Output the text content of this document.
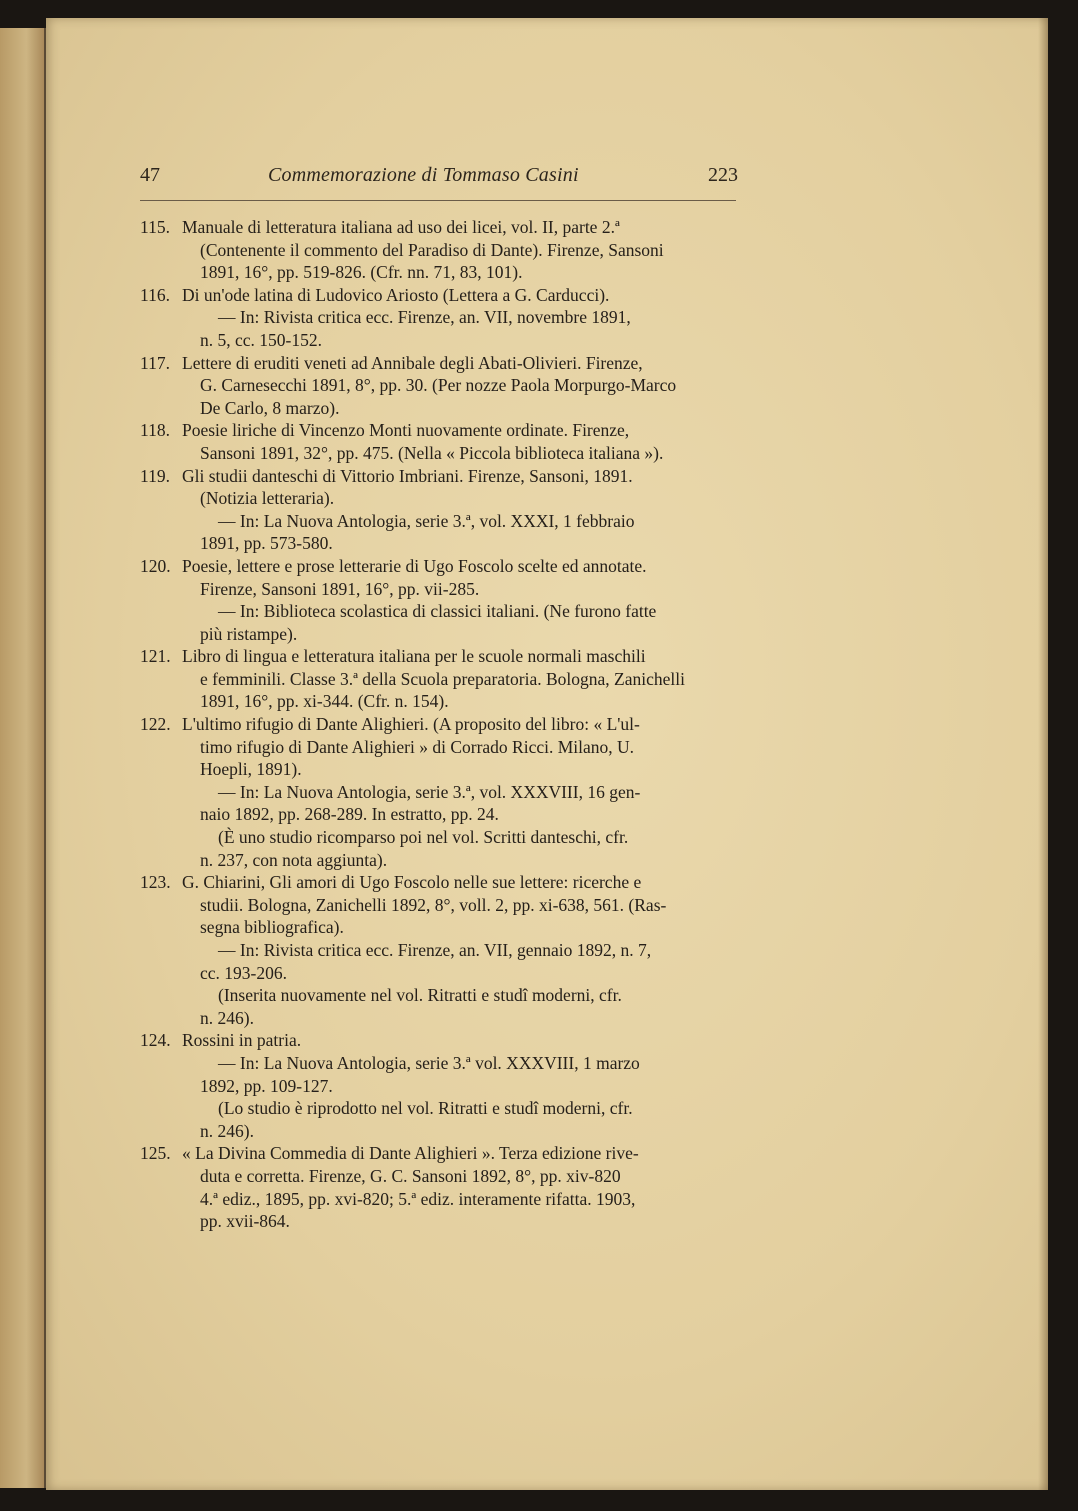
47	Commemorazione di Tommaso Casini	223
115. Manuale di letteratura italiana ad uso dei licei, vol. II, parte 2.ª
(Contenente il commento del Paradiso di Dante). Firenze, Sansoni
1891, 16°, pp. 519-826. (Cfr. nn. 71, 83, 101).
116. Di un'ode latina di Ludovico Ariosto (Lettera a G. Carducci).
— In: Rivista critica ecc. Firenze, an. VII, novembre 1891,
n. 5, cc. 150-152.
117. Lettere di eruditi veneti ad Annibale degli Abati-Olivieri. Firenze,
G. Carnesecchi 1891, 8°, pp. 30. (Per nozze Paola Morpurgo-Marco
De Carlo, 8 marzo).
118. Poesie liriche di Vincenzo Monti nuovamente ordinate. Firenze,
Sansoni 1891, 32°, pp. 475. (Nella « Piccola biblioteca italiana »).
119. Gli studii danteschi di Vittorio Imbriani. Firenze, Sansoni, 1891.
(Notizia letteraria).
— In: La Nuova Antologia, serie 3.ª, vol. XXXI, 1 febbraio
1891, pp. 573-580.
120. Poesie, lettere e prose letterarie di Ugo Foscolo scelte ed annotate.
Firenze, Sansoni 1891, 16°, pp. vii-285.
— In: Biblioteca scolastica di classici italiani. (Ne furono fatte
più ristampe).
121. Libro di lingua e letteratura italiana per le scuole normali maschili
e femminili. Classe 3.ª della Scuola preparatoria. Bologna, Zanichelli
1891, 16°, pp. xi-344. (Cfr. n. 154).
122. L'ultimo rifugio di Dante Alighieri. (A proposito del libro: « L'ul-
timo rifugio di Dante Alighieri » di Corrado Ricci. Milano, U.
Hoepli, 1891).
— In: La Nuova Antologia, serie 3.ª, vol. XXXVIII, 16 gen-
naio 1892, pp. 268-289. In estratto, pp. 24.
(È uno studio ricomparso poi nel vol. Scritti danteschi, cfr.
n. 237, con nota aggiunta).
123. G. Chiarini, Gli amori di Ugo Foscolo nelle sue lettere: ricerche e
studii. Bologna, Zanichelli 1892, 8°, voll. 2, pp. xi-638, 561. (Ras-
segna bibliografica).
— In: Rivista critica ecc. Firenze, an. VII, gennaio 1892, n. 7,
cc. 193-206.
(Inserita nuovamente nel vol. Ritratti e studî moderni, cfr.
n. 246).
124. Rossini in patria.
— In: La Nuova Antologia, serie 3.ª vol. XXXVIII, 1 marzo
1892, pp. 109-127.
(Lo studio è riprodotto nel vol. Ritratti e studî moderni, cfr.
n. 246).
125. « La Divina Commedia di Dante Alighieri ». Terza edizione rive-
duta e corretta. Firenze, G. C. Sansoni 1892, 8°, pp. xiv-820
4.ª ediz., 1895, pp. xvi-820; 5.ª ediz. interamente rifatta. 1903,
pp. xvii-864.
